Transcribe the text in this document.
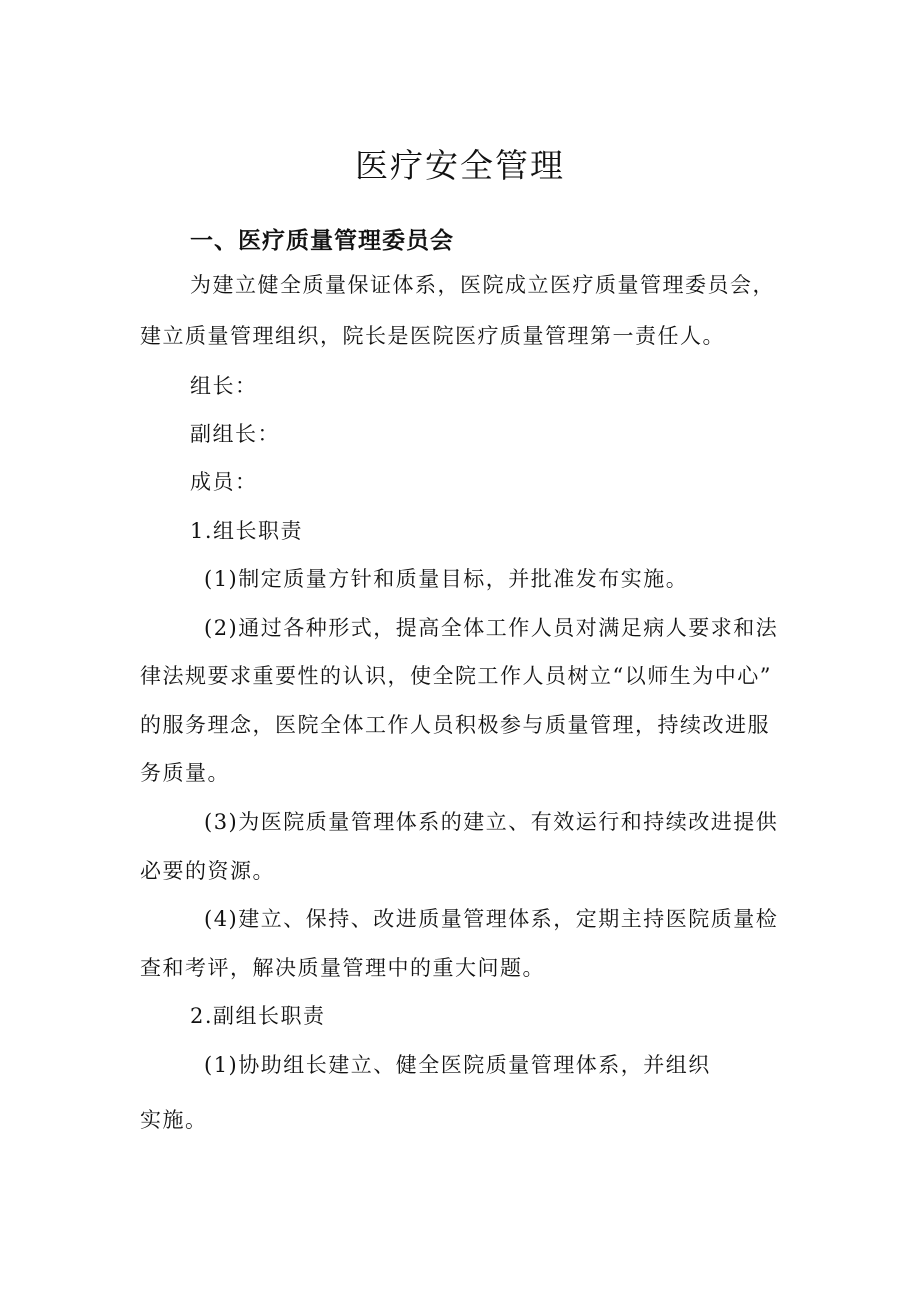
医疗安全管理
一、医疗质量管理委员会

为建立健全质量保证体系，医院成立医疗质量管理委员会，

建立质量管理组织，院长是医院医疗质量管理第一责任人。

组长：

副组长：

成员：

1.组长职责

(1)制定质量方针和质量目标，并批准发布实施。

(2)通过各种形式，提高全体工作人员对满足病人要求和法

律法规要求重要性的认识，使全院工作人员树立“以师生为中心”

的服务理念，医院全体工作人员积极参与质量管理，持续改进服

务质量。

(3)为医院质量管理体系的建立、有效运行和持续改进提供

必要的资源。

(4)建立、保持、改进质量管理体系，定期主持医院质量检

查和考评，解决质量管理中的重大问题。

2.副组长职责

(1)协助组长建立、健全医院质量管理体系，并组织

实施。
